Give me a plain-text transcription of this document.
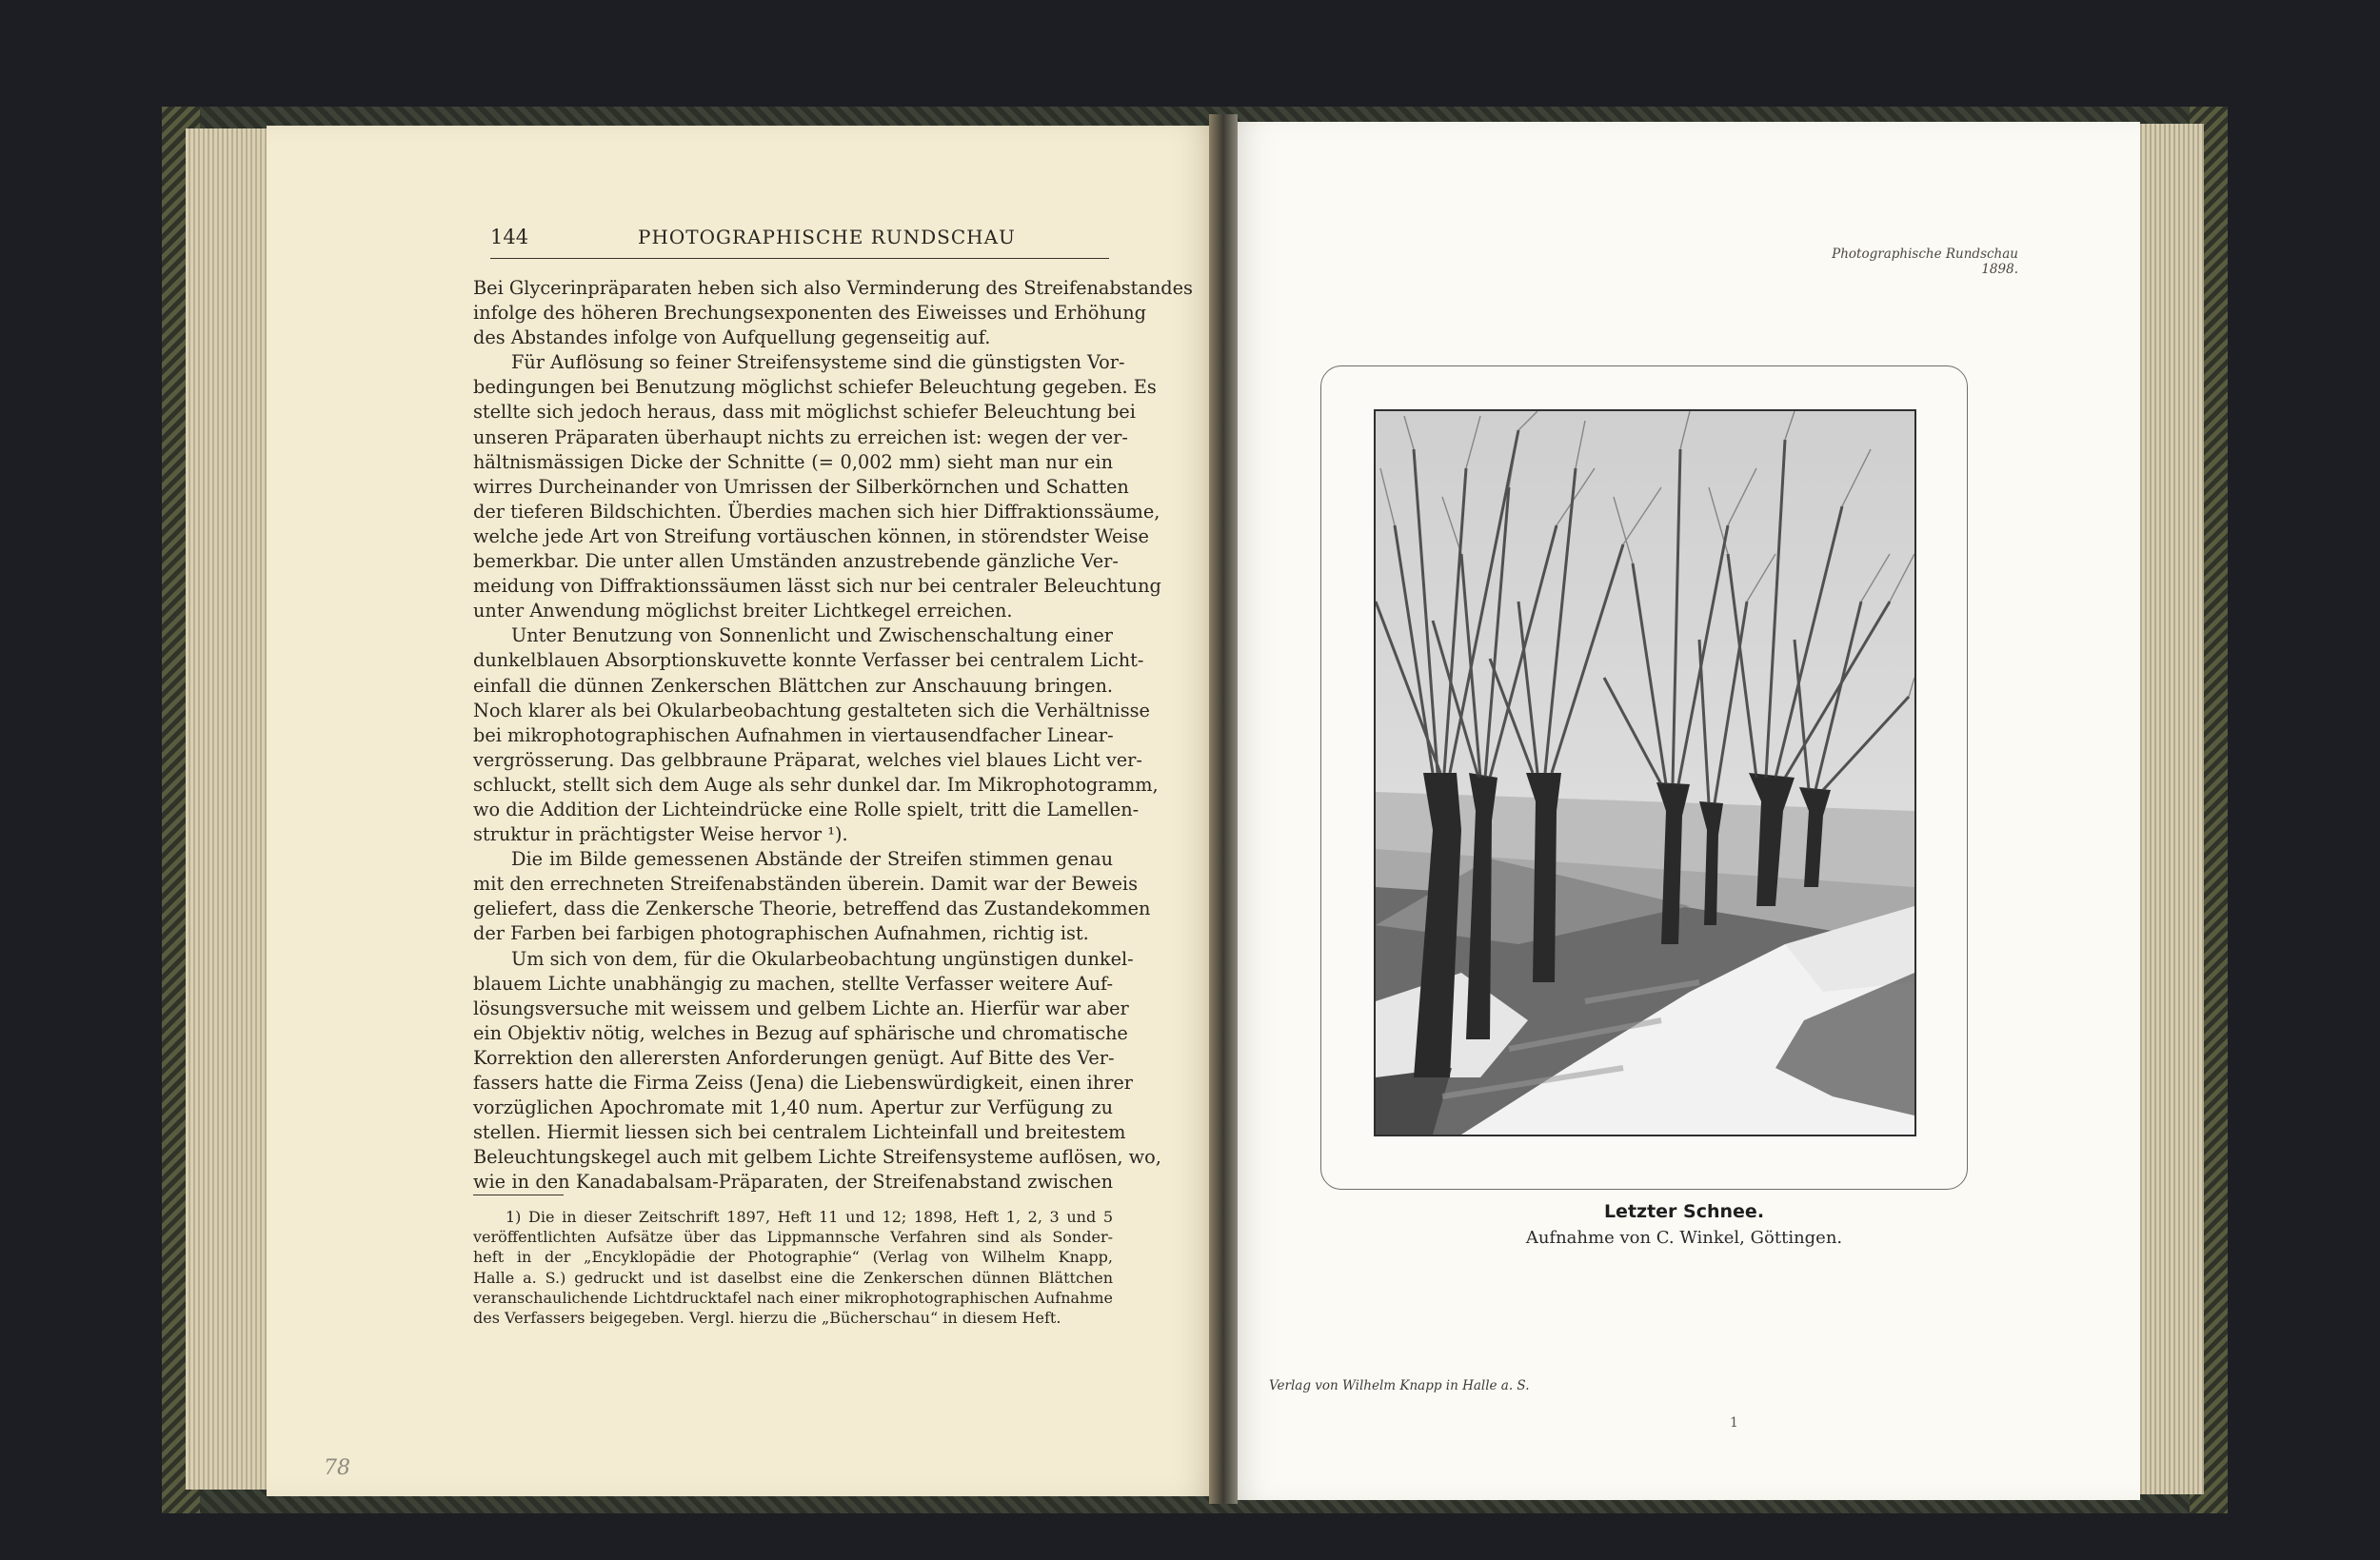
144	PHOTOGRAPHISCHE RUNDSCHAU
Bei Glycerinpräparaten heben sich also Verminderung des Streifenabstandes
infolge des höheren Brechungsexponenten des Eiweisses und Erhöhung
des Abstandes infolge von Aufquellung gegenseitig auf.
Für Auflösung so feiner Streifensysteme sind die günstigsten Vor-
bedingungen bei Benutzung möglichst schiefer Beleuchtung gegeben. Es
stellte sich jedoch heraus, dass mit möglichst schiefer Beleuchtung bei
unseren Präparaten überhaupt nichts zu erreichen ist: wegen der ver-
hältnismässigen Dicke der Schnitte (= 0,002 mm) sieht man nur ein
wirres Durcheinander von Umrissen der Silberkörnchen und Schatten
der tieferen Bildschichten. Überdies machen sich hier Diffraktionssäume,
welche jede Art von Streifung vortäuschen können, in störendster Weise
bemerkbar. Die unter allen Umständen anzustrebende gänzliche Ver-
meidung von Diffraktionssäumen lässt sich nur bei centraler Beleuchtung
unter Anwendung möglichst breiter Lichtkegel erreichen.
Unter Benutzung von Sonnenlicht und Zwischenschaltung einer
dunkelblauen Absorptionskuvette konnte Verfasser bei centralem Licht-
einfall die dünnen Zenkerschen Blättchen zur Anschauung bringen.
Noch klarer als bei Okularbeobachtung gestalteten sich die Verhältnisse
bei mikrophotographischen Aufnahmen in viertausendfacher Linear-
vergrösserung. Das gelbbraune Präparat, welches viel blaues Licht ver-
schluckt, stellt sich dem Auge als sehr dunkel dar. Im Mikrophotogramm,
wo die Addition der Lichteindrücke eine Rolle spielt, tritt die Lamellen-
struktur in prächtigster Weise hervor ¹).
Die im Bilde gemessenen Abstände der Streifen stimmen genau
mit den errechneten Streifenabständen überein. Damit war der Beweis
geliefert, dass die Zenkersche Theorie, betreffend das Zustandekommen
der Farben bei farbigen photographischen Aufnahmen, richtig ist.
Um sich von dem, für die Okularbeobachtung ungünstigen dunkel-
blauem Lichte unabhängig zu machen, stellte Verfasser weitere Auf-
lösungsversuche mit weissem und gelbem Lichte an. Hierfür war aber
ein Objektiv nötig, welches in Bezug auf sphärische und chromatische
Korrektion den allerersten Anforderungen genügt. Auf Bitte des Ver-
fassers hatte die Firma Zeiss (Jena) die Liebenswürdigkeit, einen ihrer
vorzüglichen Apochromate mit 1,40 num. Apertur zur Verfügung zu
stellen. Hiermit liessen sich bei centralem Lichteinfall und breitestem
Beleuchtungskegel auch mit gelbem Lichte Streifensysteme auflösen, wo,
wie in den Kanadabalsam-Präparaten, der Streifenabstand zwischen
1) Die in dieser Zeitschrift 1897, Heft 11 und 12; 1898, Heft 1, 2, 3 und 5
veröffentlichten Aufsätze über das Lippmannsche Verfahren sind als Sonder-
heft in der „Encyklopädie der Photographie“ (Verlag von Wilhelm Knapp,
Halle a. S.) gedruckt und ist daselbst eine die Zenkerschen dünnen Blättchen
veranschaulichende Lichtdrucktafel nach einer mikrophotographischen Aufnahme
des Verfassers beigegeben. Vergl. hierzu die „Bücherschau“ in diesem Heft.
78
Photographische Rundschau 1898.
Letzter Schnee.
Aufnahme von C. Winkel, Göttingen.
Verlag von Wilhelm Knapp in Halle a. S.
1
